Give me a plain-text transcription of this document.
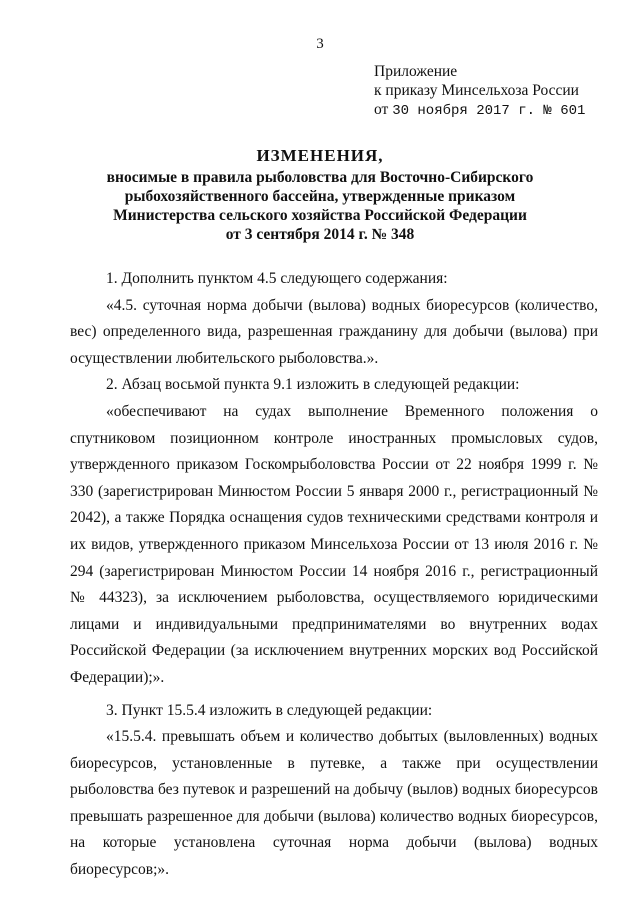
3
Приложение
к приказу Минсельхоза России
от 30 ноября 2017 г. № 601
ИЗМЕНЕНИЯ,
вносимые в правила рыболовства для Восточно-Сибирского
рыбохозяйственного бассейна, утвержденные приказом
Министерства сельского хозяйства Российской Федерации
от 3 сентября 2014 г. № 348

1. Дополнить пунктом 4.5 следующего содержания:

«4.5. суточная норма добычи (вылова) водных биоресурсов (количество, вес) определенного вида, разрешенная гражданину для добычи (вылова) при осуществлении любительского рыболовства.».

2. Абзац восьмой пункта 9.1 изложить в следующей редакции:

«обеспечивают на судах выполнение Временного положения о спутниковом позиционном контроле иностранных промысловых судов, утвержденного приказом Госкомрыболовства России от 22 ноября 1999 г. № 330 (зарегистрирован Минюстом России 5 января 2000 г., регистрационный № 2042), а также Порядка оснащения судов техническими средствами контроля и их видов, утвержденного приказом Минсельхоза России от 13 июля 2016 г. № 294 (зарегистрирован Минюстом России 14 ноября 2016 г., регистрационный № 44323), за исключением рыболовства, осуществляемого юридическими лицами и индивидуальными предпринимателями во внутренних водах Российской Федерации (за исключением внутренних морских вод Российской Федерации);».

3. Пункт 15.5.4 изложить в следующей редакции:

«15.5.4. превышать объем и количество добытых (выловленных) водных биоресурсов, установленные в путевке, а также при осуществлении рыболовства без путевок и разрешений на добычу (вылов) водных биоресурсов превышать разрешенное для добычи (вылова) количество водных биоресурсов, на которые установлена суточная норма добычи (вылова) водных биоресурсов;».
